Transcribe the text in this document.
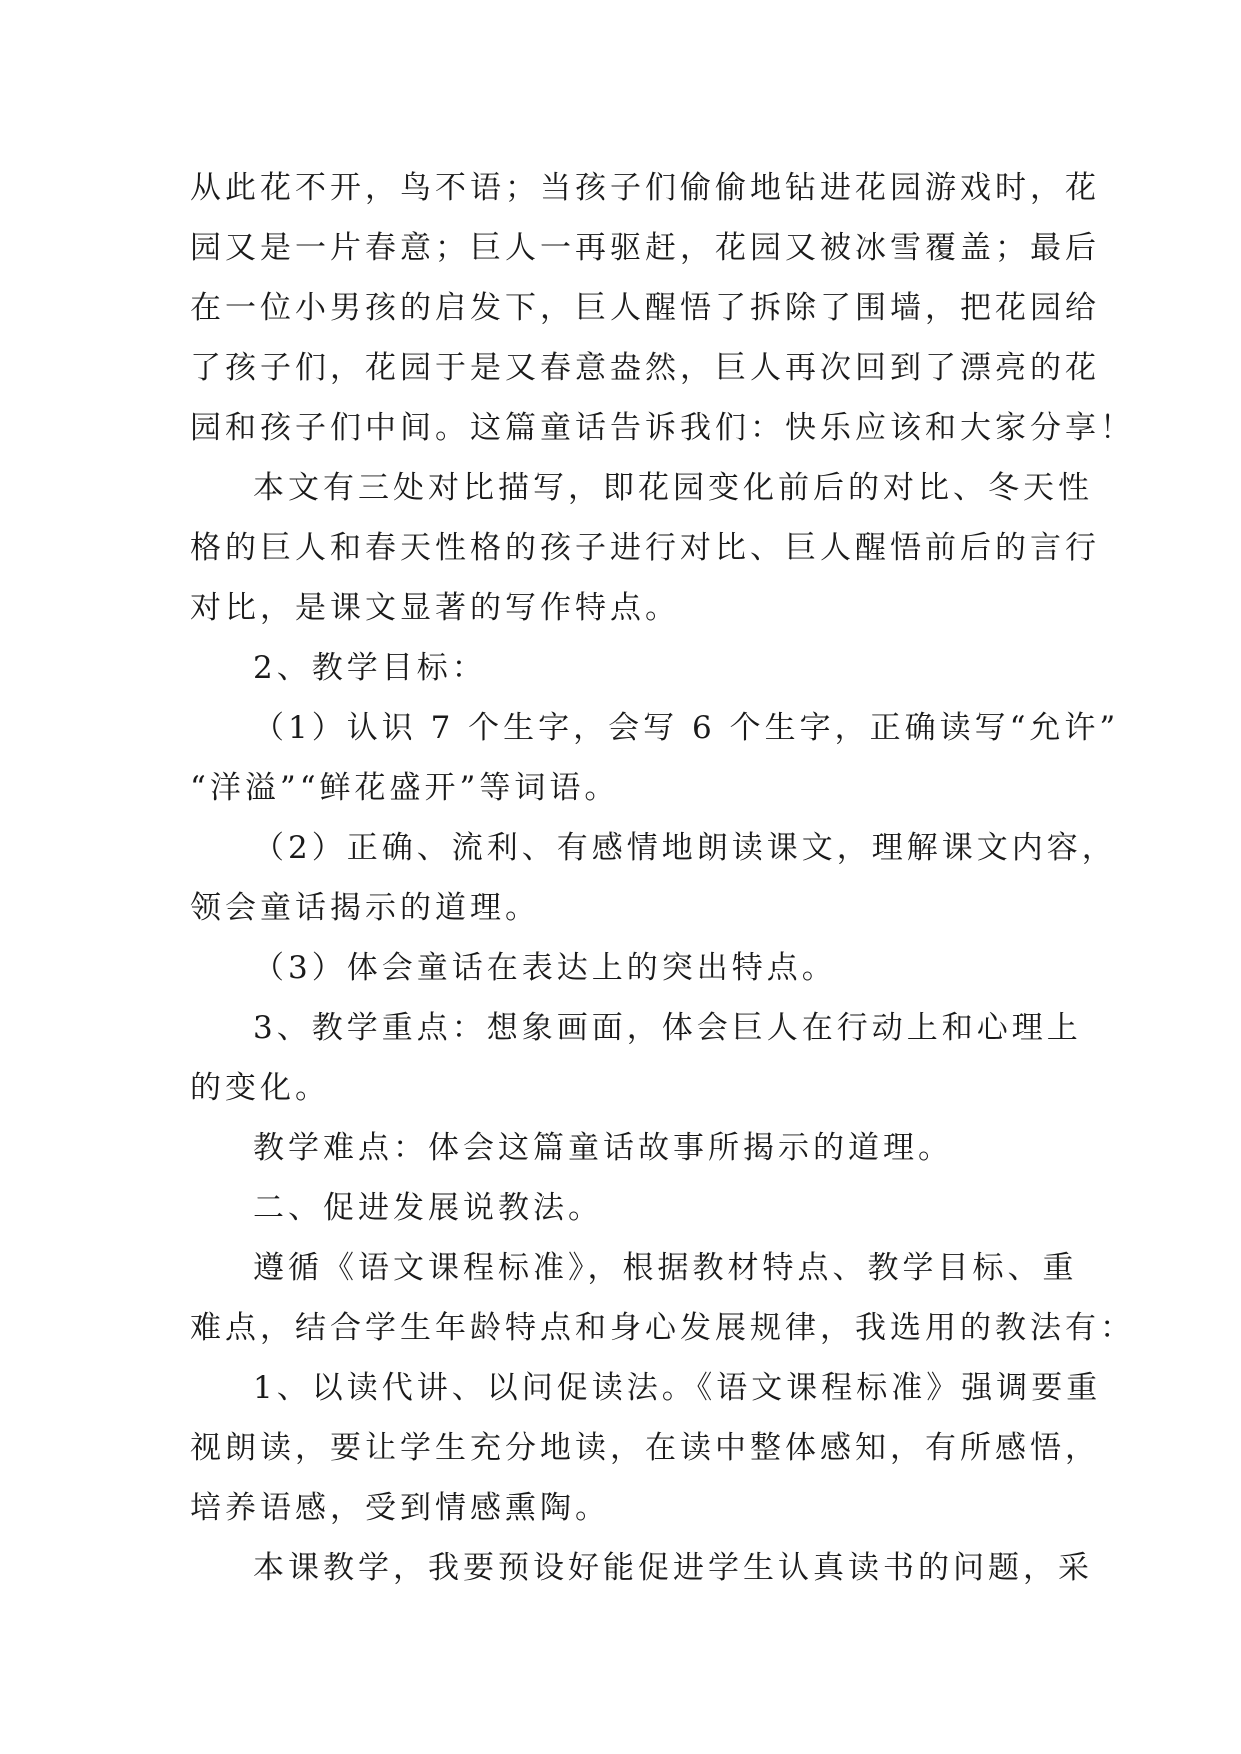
从此花不开，鸟不语；当孩子们偷偷地钻进花园游戏时，花
园又是一片春意；巨人一再驱赶，花园又被冰雪覆盖；最后
在一位小男孩的启发下，巨人醒悟了拆除了围墙，把花园给
了孩子们，花园于是又春意盎然，巨人再次回到了漂亮的花
园和孩子们中间。这篇童话告诉我们：快乐应该和大家分享！
本文有三处对比描写，即花园变化前后的对比、冬天性
格的巨人和春天性格的孩子进行对比、巨人醒悟前后的言行
对比，是课文显著的写作特点。
2、教学目标：
（1）认识 7 个生字，会写 6 个生字，正确读写“允许”
“洋溢”“鲜花盛开”等词语。
（2）正确、流利、有感情地朗读课文，理解课文内容，
领会童话揭示的道理。
（3）体会童话在表达上的突出特点。
3、教学重点：想象画面，体会巨人在行动上和心理上
的变化。
教学难点：体会这篇童话故事所揭示的道理。
二、促进发展说教法。
遵循《语文课程标准》，根据教材特点、教学目标、重
难点，结合学生年龄特点和身心发展规律，我选用的教法有：
1、以读代讲、以问促读法。《语文课程标准》强调要重
视朗读，要让学生充分地读，在读中整体感知，有所感悟，
培养语感，受到情感熏陶。
本课教学，我要预设好能促进学生认真读书的问题，采
